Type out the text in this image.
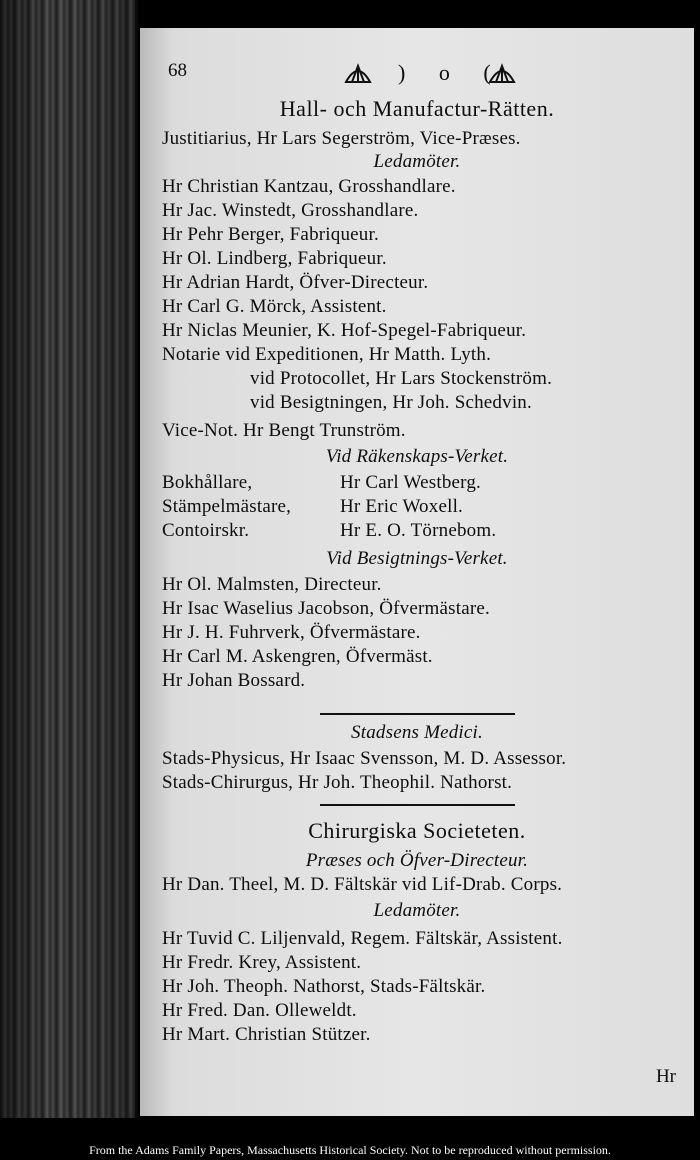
68	) o (
Hall- och Manufactur-Rätten.
Justitiarius, Hr Lars Segerström, Vice-Præses.
Ledamöter.
Hr Christian Kantzau, Grosshandlare.
Hr Jac. Winstedt, Grosshandlare.
Hr Pehr Berger, Fabriqueur.
Hr Ol. Lindberg, Fabriqueur.
Hr Adrian Hardt, Öfver-Directeur.
Hr Carl G. Mörck, Assistent.
Hr Niclas Meunier, K. Hof-Spegel-Fabriqueur.
Notarie vid Expeditionen, Hr Matth. Lyth.
vid Protocollet, Hr Lars Stockenström.
vid Besigtningen, Hr Joh. Schedvin.
Vice-Not. Hr Bengt Trunström.
Vid Räkenskaps-Verket.
Bokhållare,	Hr Carl Westberg.
Stämpelmästare,	Hr Eric Woxell.
Contoirskr.	Hr E. O. Törnebom.
Vid Besigtnings-Verket.
Hr Ol. Malmsten, Directeur.
Hr Isac Waselius Jacobson, Öfvermästare.
Hr J. H. Fuhrverk, Öfvermästare.
Hr Carl M. Askengren, Öfvermäst.
Hr Johan Bossard.
Stadsens Medici.
Stads-Physicus, Hr Isaac Svensson, M. D. Assessor.
Stads-Chirurgus, Hr Joh. Theophil. Nathorst.
Chirurgiska Societeten.
Præses och Öfver-Directeur.
Hr Dan. Theel, M. D. Fältskär vid Lif-Drab. Corps.
Ledamöter.
Hr Tuvid C. Liljenvald, Regem. Fältskär, Assistent.
Hr Fredr. Krey, Assistent.
Hr Joh. Theoph. Nathorst, Stads-Fältskär.
Hr Fred. Dan. Olleweldt.
Hr Mart. Christian Stützer.
Hr
From the Adams Family Papers, Massachusetts Historical Society. Not to be reproduced without permission.
